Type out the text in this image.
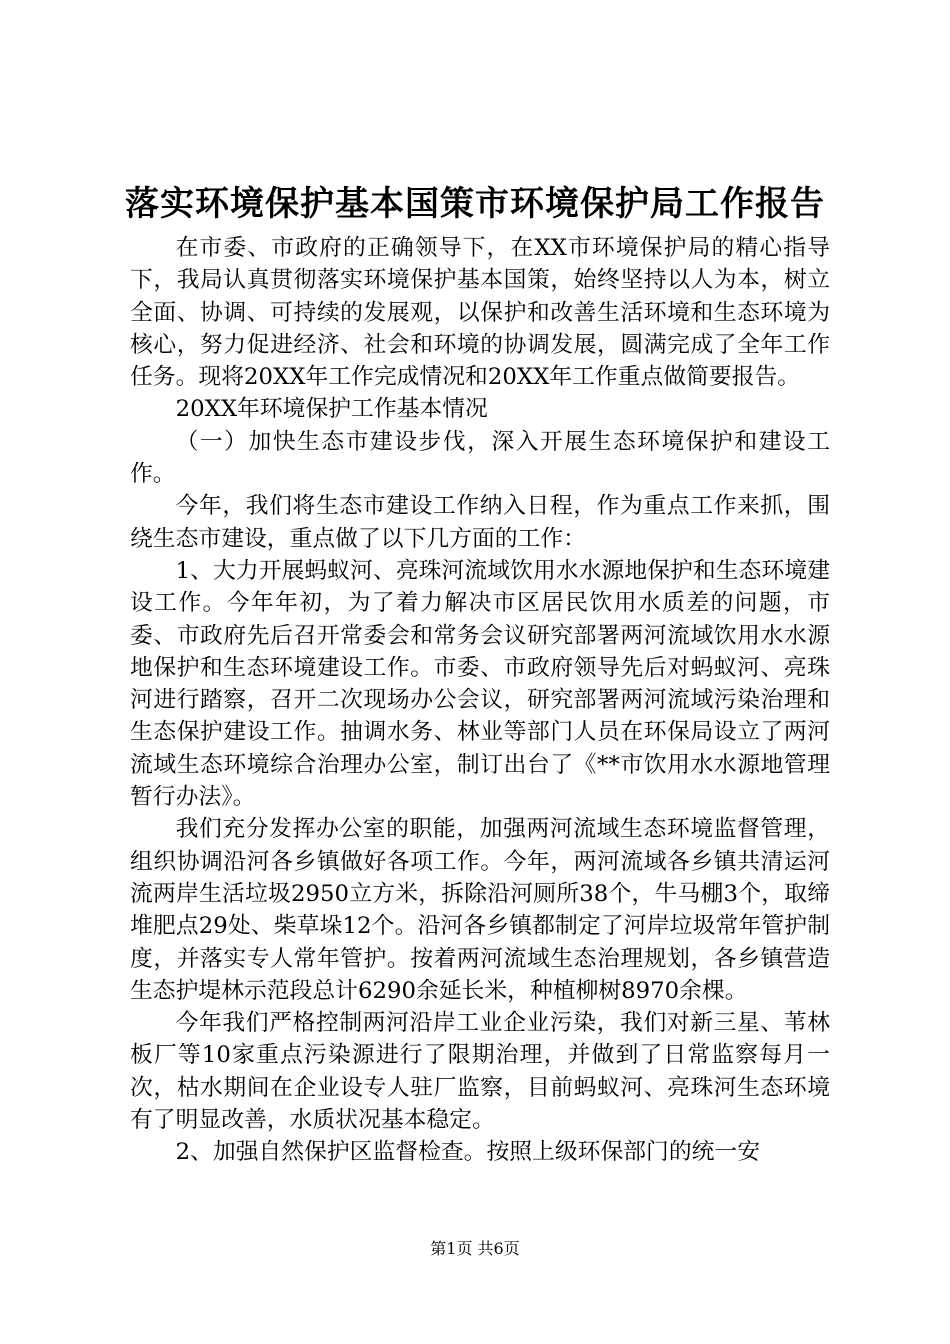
落实环境保护基本国策市环境保护局工作报告

在市委、市政府的正确领导下，在XX市环境保护局的精心指导下，我局认真贯彻落实环境保护基本国策，始终坚持以人为本，树立全面、协调、可持续的发展观，以保护和改善生活环境和生态环境为核心，努力促进经济、社会和环境的协调发展，圆满完成了全年工作任务。现将20XX年工作完成情况和20XX年工作重点做简要报告。

20XX年环境保护工作基本情况

（一）加快生态市建设步伐，深入开展生态环境保护和建设工作。

今年，我们将生态市建设工作纳入日程，作为重点工作来抓，围绕生态市建设，重点做了以下几方面的工作：

1、大力开展蚂蚁河、亮珠河流域饮用水水源地保护和生态环境建设工作。今年年初，为了着力解决市区居民饮用水质差的问题，市委、市政府先后召开常委会和常务会议研究部署两河流域饮用水水源地保护和生态环境建设工作。市委、市政府领导先后对蚂蚁河、亮珠河进行踏察，召开二次现场办公会议，研究部署两河流域污染治理和生态保护建设工作。抽调水务、林业等部门人员在环保局设立了两河流域生态环境综合治理办公室，制订出台了《**市饮用水水源地管理暂行办法》。

我们充分发挥办公室的职能，加强两河流域生态环境监督管理，组织协调沿河各乡镇做好各项工作。今年，两河流域各乡镇共清运河流两岸生活垃圾2950立方米，拆除沿河厕所38个，牛马棚3个，取缔堆肥点29处、柴草垛12个。沿河各乡镇都制定了河岸垃圾常年管护制度，并落实专人常年管护。按着两河流域生态治理规划，各乡镇营造生态护堤林示范段总计6290余延长米，种植柳树8970余棵。

今年我们严格控制两河沿岸工业企业污染，我们对新三星、苇林板厂等10家重点污染源进行了限期治理，并做到了日常监察每月一次，枯水期间在企业设专人驻厂监察，目前蚂蚁河、亮珠河生态环境有了明显改善，水质状况基本稳定。

2、加强自然保护区监督检查。按照上级环保部门的统一安

第1页 共6页
